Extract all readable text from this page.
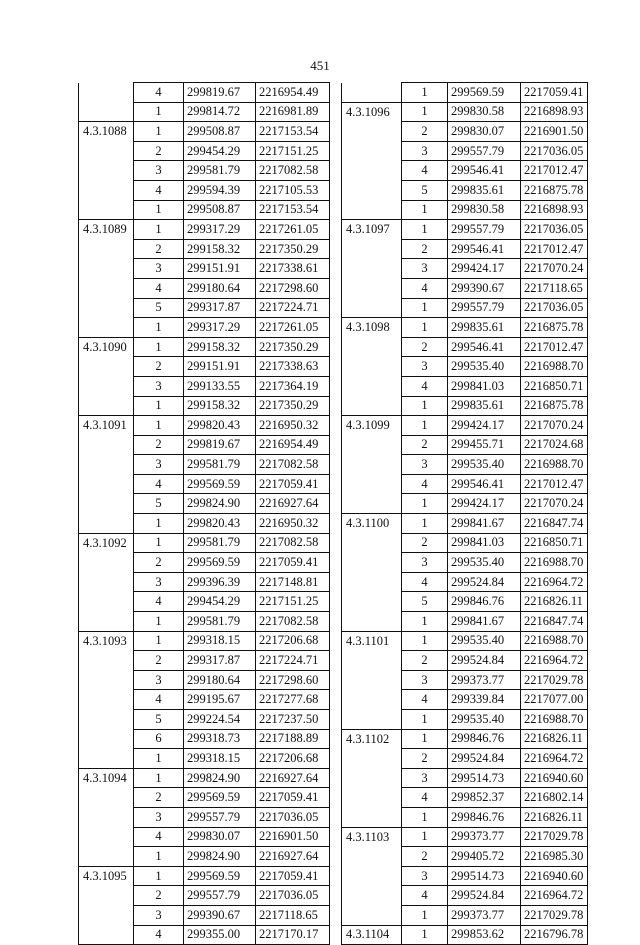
451
	4	299819.67	2216954.49
	1	299814.72	2216981.89
4.3.1088	1	299508.87	2217153.54
	2	299454.29	2217151.25
	3	299581.79	2217082.58
	4	299594.39	2217105.53
	1	299508.87	2217153.54
4.3.1089	1	299317.29	2217261.05
	2	299158.32	2217350.29
	3	299151.91	2217338.61
	4	299180.64	2217298.60
	5	299317.87	2217224.71
	1	299317.29	2217261.05
4.3.1090	1	299158.32	2217350.29
	2	299151.91	2217338.63
	3	299133.55	2217364.19
	1	299158.32	2217350.29
4.3.1091	1	299820.43	2216950.32
	2	299819.67	2216954.49
	3	299581.79	2217082.58
	4	299569.59	2217059.41
	5	299824.90	2216927.64
	1	299820.43	2216950.32
4.3.1092	1	299581.79	2217082.58
	2	299569.59	2217059.41
	3	299396.39	2217148.81
	4	299454.29	2217151.25
	1	299581.79	2217082.58
4.3.1093	1	299318.15	2217206.68
	2	299317.87	2217224.71
	3	299180.64	2217298.60
	4	299195.67	2217277.68
	5	299224.54	2217237.50
	6	299318.73	2217188.89
	1	299318.15	2217206.68
4.3.1094	1	299824.90	2216927.64
	2	299569.59	2217059.41
	3	299557.79	2217036.05
	4	299830.07	2216901.50
	1	299824.90	2216927.64
4.3.1095	1	299569.59	2217059.41
	2	299557.79	2217036.05
	3	299390.67	2217118.65
	4	299355.00	2217170.17
	1	299569.59	2217059.41
4.3.1096	1	299830.58	2216898.93
	2	299830.07	2216901.50
	3	299557.79	2217036.05
	4	299546.41	2217012.47
	5	299835.61	2216875.78
	1	299830.58	2216898.93
4.3.1097	1	299557.79	2217036.05
	2	299546.41	2217012.47
	3	299424.17	2217070.24
	4	299390.67	2217118.65
	1	299557.79	2217036.05
4.3.1098	1	299835.61	2216875.78
	2	299546.41	2217012.47
	3	299535.40	2216988.70
	4	299841.03	2216850.71
	1	299835.61	2216875.78
4.3.1099	1	299424.17	2217070.24
	2	299455.71	2217024.68
	3	299535.40	2216988.70
	4	299546.41	2217012.47
	1	299424.17	2217070.24
4.3.1100	1	299841.67	2216847.74
	2	299841.03	2216850.71
	3	299535.40	2216988.70
	4	299524.84	2216964.72
	5	299846.76	2216826.11
	1	299841.67	2216847.74
4.3.1101	1	299535.40	2216988.70
	2	299524.84	2216964.72
	3	299373.77	2217029.78
	4	299339.84	2217077.00
	1	299535.40	2216988.70
4.3.1102	1	299846.76	2216826.11
	2	299524.84	2216964.72
	3	299514.73	2216940.60
	4	299852.37	2216802.14
	1	299846.76	2216826.11
4.3.1103	1	299373.77	2217029.78
	2	299405.72	2216985.30
	3	299514.73	2216940.60
	4	299524.84	2216964.72
	1	299373.77	2217029.78
4.3.1104	1	299853.62	2216796.78
